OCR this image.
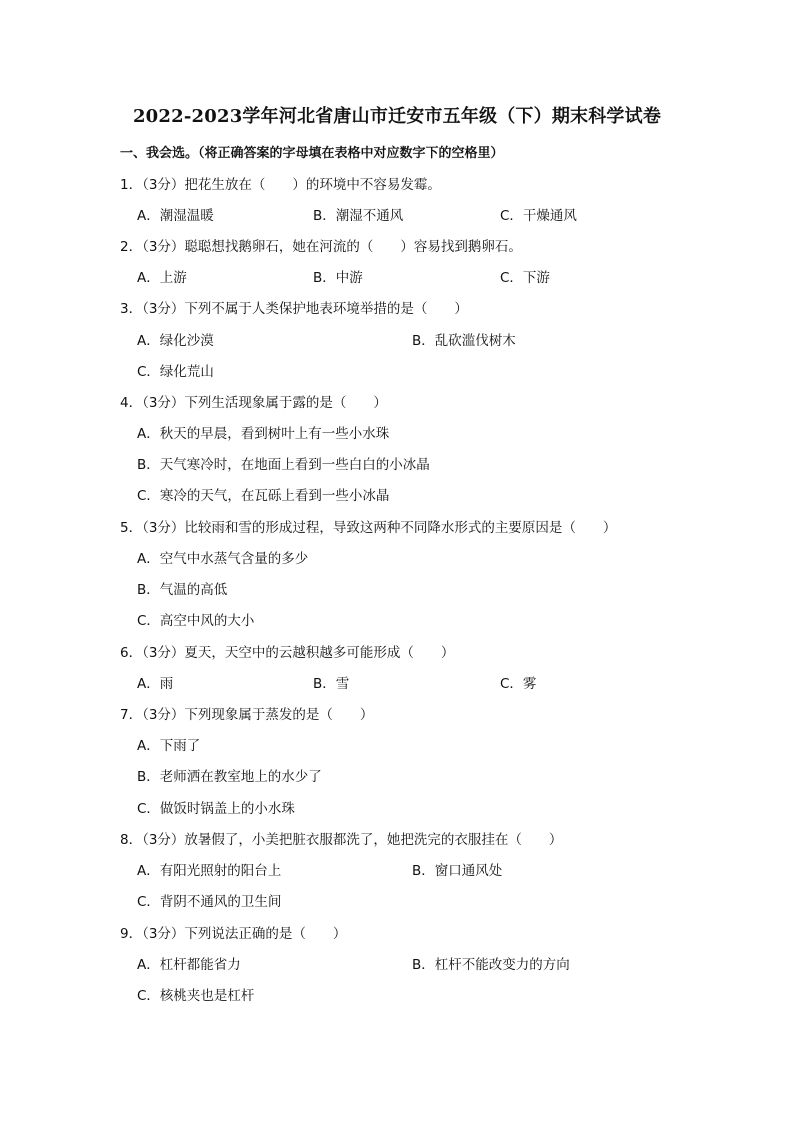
2022-2023学年河北省唐山市迁安市五年级（下）期末科学试卷
一、我会选。（将正确答案的字母填在表格中对应数字下的空格里）
1．（3分）把花生放在（　　）的环境中不容易发霉。
A．潮湿温暖	B．潮湿不通风	C．干燥通风
2．（3分）聪聪想找鹅卵石，她在河流的（　　）容易找到鹅卵石。
A．上游	B．中游	C．下游
3．（3分）下列不属于人类保护地表环境举措的是（　　）
A．绿化沙漠	B．乱砍滥伐树木
C．绿化荒山
4．（3分）下列生活现象属于露的是（　　）
A．秋天的早晨，看到树叶上有一些小水珠
B．天气寒冷时，在地面上看到一些白白的小冰晶
C．寒冷的天气，在瓦砾上看到一些小冰晶
5．（3分）比较雨和雪的形成过程，导致这两种不同降水形式的主要原因是（　　）
A．空气中水蒸气含量的多少
B．气温的高低
C．高空中风的大小
6．（3分）夏天，天空中的云越积越多可能形成（　　）
A．雨	B．雪	C．雾
7．（3分）下列现象属于蒸发的是（　　）
A．下雨了
B．老师洒在教室地上的水少了
C．做饭时锅盖上的小水珠
8．（3分）放暑假了，小美把脏衣服都洗了，她把洗完的衣服挂在（　　）
A．有阳光照射的阳台上	B．窗口通风处
C．背阴不通风的卫生间
9．（3分）下列说法正确的是（　　）
A．杠杆都能省力	B．杠杆不能改变力的方向
C．核桃夹也是杠杆
